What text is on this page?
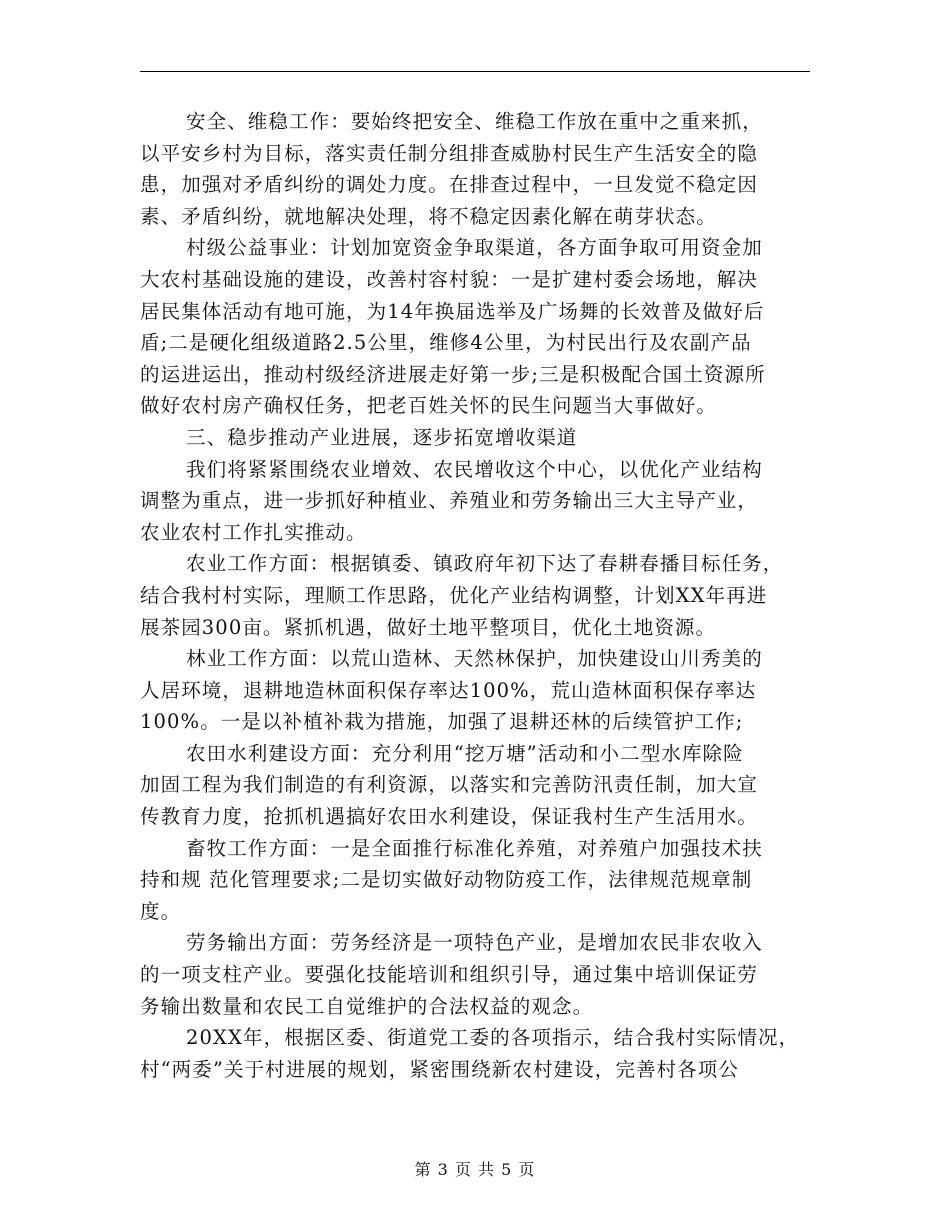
安全、维稳工作：要始终把安全、维稳工作放在重中之重来抓，
以平安乡村为目标，落实责任制分组排查威胁村民生产生活安全的隐
患，加强对矛盾纠纷的调处力度。在排查过程中，一旦发觉不稳定因
素、矛盾纠纷，就地解决处理，将不稳定因素化解在萌芽状态。
村级公益事业：计划加宽资金争取渠道，各方面争取可用资金加
大农村基础设施的建设，改善村容村貌：一是扩建村委会场地，解决
居民集体活动有地可施，为14年换届选举及广场舞的长效普及做好后
盾;二是硬化组级道路2.5公里，维修4公里，为村民出行及农副产品
的运进运出，推动村级经济进展走好第一步;三是积极配合国土资源所
做好农村房产确权任务，把老百姓关怀的民生问题当大事做好。
三、稳步推动产业进展，逐步拓宽增收渠道
我们将紧紧围绕农业增效、农民增收这个中心，以优化产业结构
调整为重点，进一步抓好种植业、养殖业和劳务输出三大主导产业，
农业农村工作扎实推动。
农业工作方面：根据镇委、镇政府年初下达了春耕春播目标任务，
结合我村村实际，理顺工作思路，优化产业结构调整，计划XX年再进
展茶园300亩。紧抓机遇，做好土地平整项目，优化土地资源。
林业工作方面：以荒山造林、天然林保护，加快建设山川秀美的
人居环境，退耕地造林面积保存率达100%，荒山造林面积保存率达
100%。一是以补植补栽为措施，加强了退耕还林的后续管护工作;
农田水利建设方面：充分利用“挖万塘”活动和小二型水库除险
加固工程为我们制造的有利资源，以落实和完善防汛责任制，加大宣
传教育力度，抢抓机遇搞好农田水利建设，保证我村生产生活用水。
畜牧工作方面：一是全面推行标准化养殖，对养殖户加强技术扶
持和规 范化管理要求;二是切实做好动物防疫工作，法律规范规章制
度。
劳务输出方面：劳务经济是一项特色产业，是增加农民非农收入
的一项支柱产业。要强化技能培训和组织引导，通过集中培训保证劳
务输出数量和农民工自觉维护的合法权益的观念。
20XX年，根据区委、街道党工委的各项指示，结合我村实际情况，
村“两委”关于村进展的规划，紧密围绕新农村建设，完善村各项公
第 3 页 共 5 页
